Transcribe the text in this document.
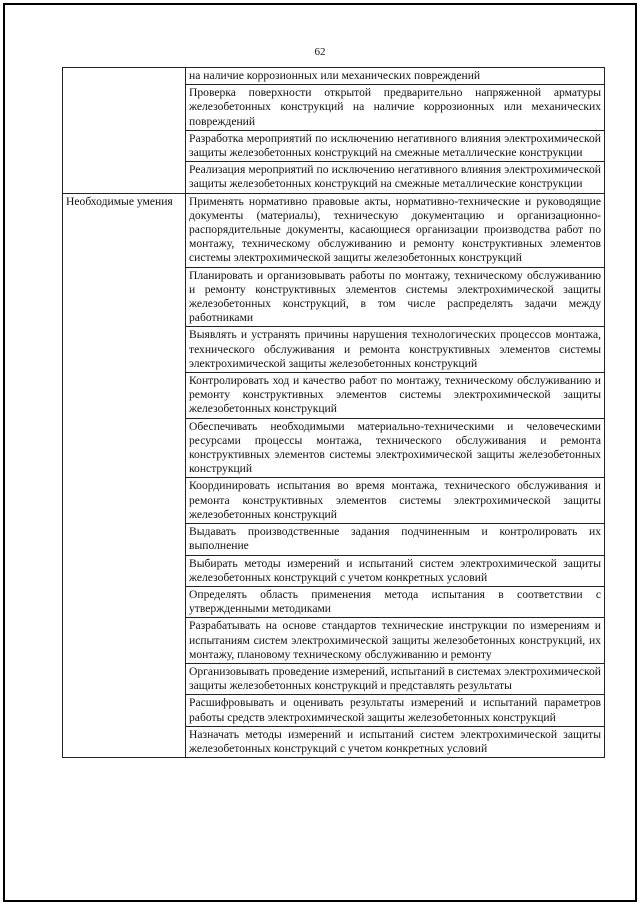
62
	на наличие коррозионных или механических повреждений
	Проверка поверхности открытой предварительно напряженной арматуры железобетонных конструкций на наличие коррозионных или механических повреждений
	Разработка мероприятий по исключению негативного влияния электрохимической защиты железобетонных конструкций на смежные металлические конструкции
	Реализация мероприятий по исключению негативного влияния электрохимической защиты железобетонных конструкций на смежные металлические конструкции
Необходимые умения	Применять нормативно правовые акты, нормативно-технические и руководящие документы (материалы), техническую документацию и организационно-распорядительные документы, касающиеся организации производства работ по монтажу, техническому обслуживанию и ремонту конструктивных элементов системы электрохимической защиты железобетонных конструкций
	Планировать и организовывать работы по монтажу, техническому обслуживанию и ремонту конструктивных элементов системы электрохимической защиты железобетонных конструкций, в том числе распределять задачи между работниками
	Выявлять и устранять причины нарушения технологических процессов монтажа, технического обслуживания и ремонта конструктивных элементов системы электрохимической защиты железобетонных конструкций
	Контролировать ход и качество работ по монтажу, техническому обслуживанию и ремонту конструктивных элементов системы электрохимической защиты железобетонных конструкций
	Обеспечивать необходимыми материально-техническими и человеческими ресурсами процессы монтажа, технического обслуживания и ремонта конструктивных элементов системы электрохимической защиты железобетонных конструкций
	Координировать испытания во время монтажа, технического обслуживания и ремонта конструктивных элементов системы электрохимической защиты железобетонных конструкций
	Выдавать производственные задания подчиненным и контролировать их выполнение
	Выбирать методы измерений и испытаний систем электрохимической защиты железобетонных конструкций с учетом конкретных условий
	Определять область применения метода испытания в соответствии с утвержденными методиками
	Разрабатывать на основе стандартов технические инструкции по измерениям и испытаниям систем электрохимической защиты железобетонных конструкций, их монтажу, плановому техническому обслуживанию и ремонту
	Организовывать проведение измерений, испытаний в системах электрохимической защиты железобетонных конструкций и представлять результаты
	Расшифровывать и оценивать результаты измерений и испытаний параметров работы средств электрохимической защиты железобетонных конструкций
	Назначать методы измерений и испытаний систем электрохимической защиты железобетонных конструкций с учетом конкретных условий
